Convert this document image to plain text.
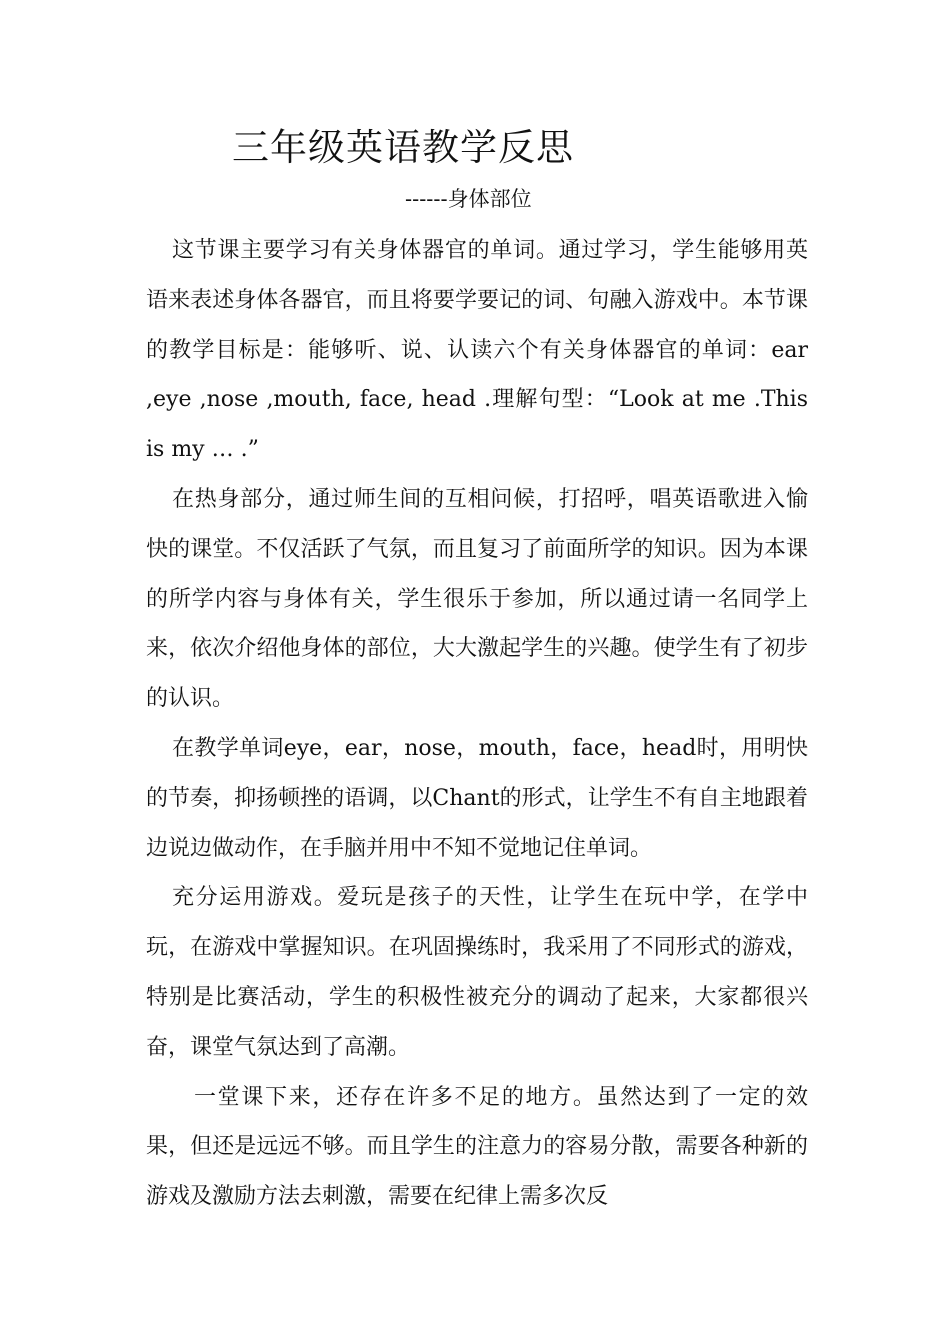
三年级英语教学反思
------身体部位

这节课主要学习有关身体器官的单词。通过学习，学生能够用英语来表述身体各器官，而且将要学要记的词、句融入游戏中。本节课的教学目标是：能够听、说、认读六个有关身体器官的单词：ear ,eye ,nose ,mouth, face, head .理解句型：“Look at me .This is my … .”

在热身部分，通过师生间的互相问候，打招呼，唱英语歌进入愉快的课堂。不仅活跃了气氛，而且复习了前面所学的知识。因为本课的所学内容与身体有关，学生很乐于参加，所以通过请一名同学上来，依次介绍他身体的部位，大大激起学生的兴趣。使学生有了初步的认识。

在教学单词eye，ear，nose，mouth，face，head时，用明快的节奏，抑扬顿挫的语调，以Chant的形式，让学生不有自主地跟着边说边做动作，在手脑并用中不知不觉地记住单词。

充分运用游戏。爱玩是孩子的天性，让学生在玩中学，在学中玩，在游戏中掌握知识。在巩固操练时，我采用了不同形式的游戏，特别是比赛活动，学生的积极性被充分的调动了起来，大家都很兴奋，课堂气氛达到了高潮。

一堂课下来，还存在许多不足的地方。虽然达到了一定的效果，但还是远远不够。而且学生的注意力的容易分散，需要各种新的游戏及激励方法去刺激，需要在纪律上需多次反
